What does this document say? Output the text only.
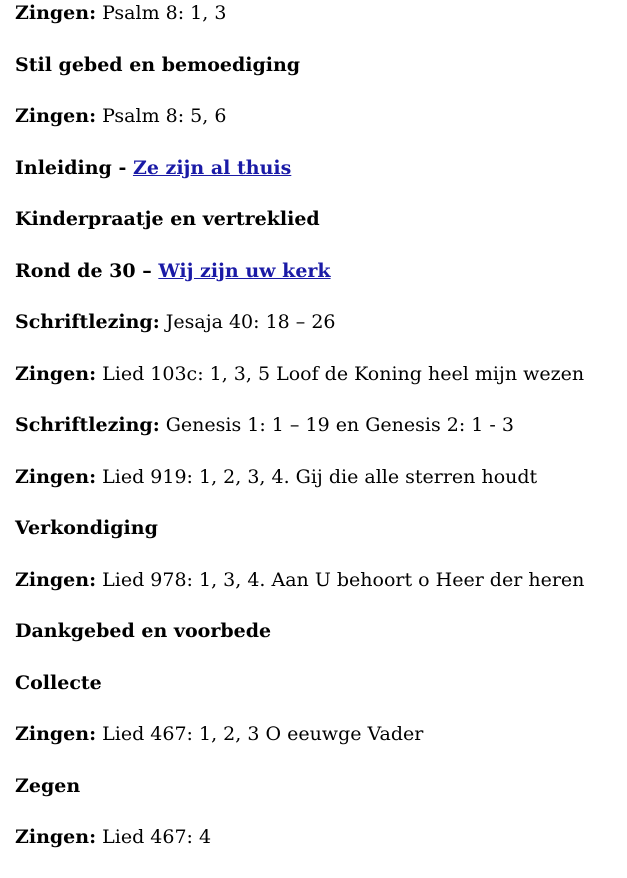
Zingen: Psalm 8: 1, 3
Stil gebed en bemoediging
Zingen: Psalm 8: 5, 6
Inleiding - Ze zijn al thuis
Kinderpraatje en vertreklied
Rond de 30 – Wij zijn uw kerk
Schriftlezing: Jesaja 40: 18 – 26
Zingen: Lied 103c: 1, 3, 5 Loof de Koning heel mijn wezen
Schriftlezing: Genesis 1: 1 – 19 en Genesis 2: 1 - 3
Zingen: Lied 919: 1, 2, 3, 4. Gij die alle sterren houdt
Verkondiging
Zingen: Lied 978: 1, 3, 4. Aan U behoort o Heer der heren
Dankgebed en voorbede
Collecte
Zingen: Lied 467: 1, 2, 3 O eeuwge Vader
Zegen
Zingen: Lied 467: 4
